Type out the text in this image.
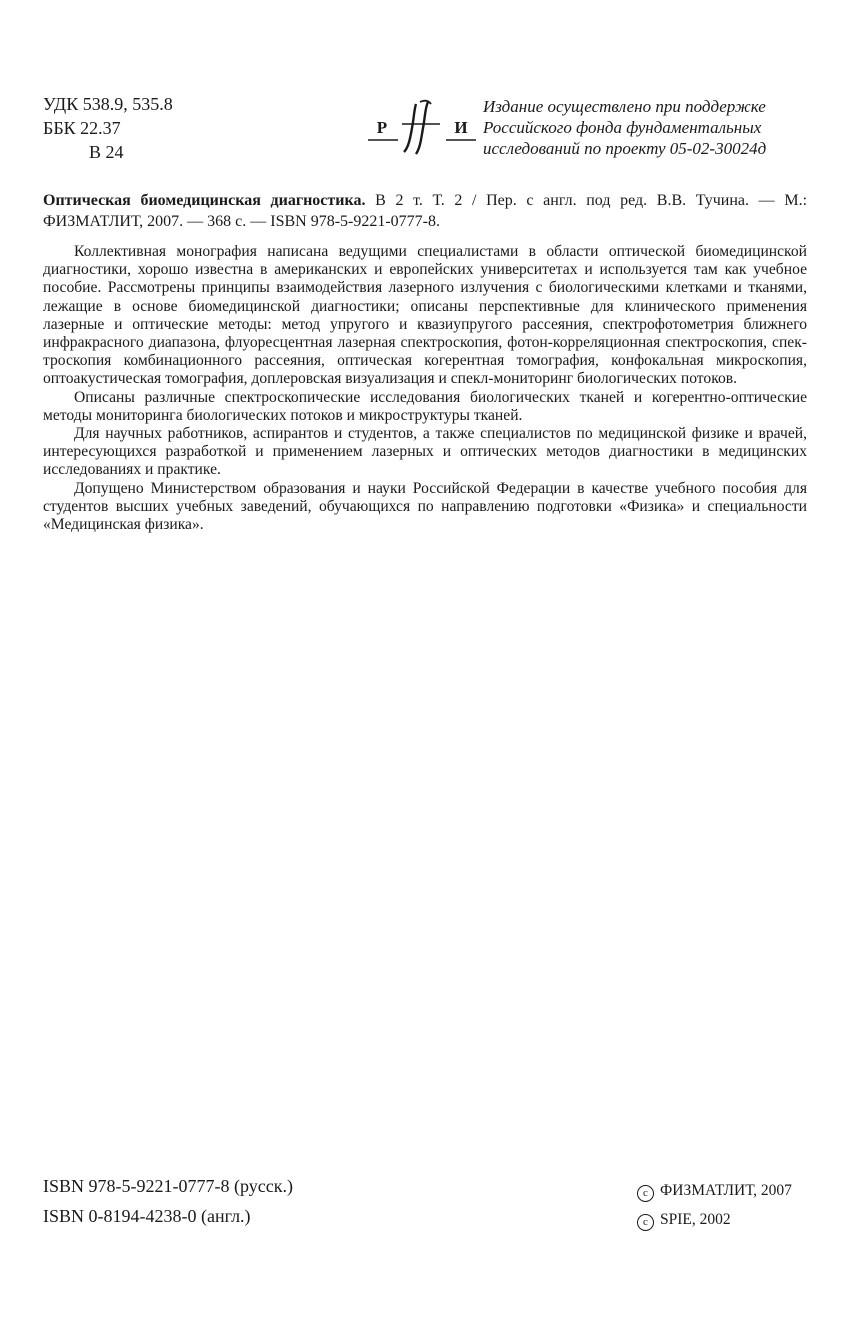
УДК 538.9, 535.8
ББК 22.37
В 24
Р	И
Издание осуществлено при поддержке
Российского фонда фундаментальных
исследований по проекту 05-02-30024д
Оптическая биомедицинская диагностика. В 2 т. Т. 2 / Пер. с англ. под ред. В.В. Тучина. — М.: ФИЗМАТЛИТ, 2007. — 368 с. — ISBN 978-5-9221-0777-8.

Коллективная монография написана ведущими специалистами в области оптической биомедицинской диагностики, хорошо известна в американских и европейских университетах и используется там как учебное пособие. Рассмотрены принципы взаимодействия лазерного излучения с биологическими клетками и тканями, лежащие в основе биомедицинской диагностики; описаны перспективные для клинического применения лазерные и оптические методы: метод упругого и квазиупругого рассеяния, спектрофотометрия ближнего инфракрасного диапазона, флуоресцентная лазерная спектроскопия, фотон-корреляционная спектроскопия, спектроскопия комбинационного рассеяния, оптическая когерентная томография, конфокальная микроскопия, оптоакустическая томография, доплеровская визуализация и спекл-мониторинг биологических потоков.

Описаны различные спектроскопические исследования биологических тканей и когерентно-оптические методы мониторинга биологических потоков и микроструктуры тканей.

Для научных работников, аспирантов и студентов, а также специалистов по медицинской физике и врачей, интересующихся разработкой и применением лазерных и оптических методов диагностики в медицинских исследованиях и практике.

Допущено Министерством образования и науки Российской Федерации в качестве учебного пособия для студентов высших учебных заведений, обучающихся по направлению подготовки «Физика» и специальности «Медицинская физика».

ISBN 978-5-9221-0777-8 (русск.)
ISBN 0-8194-4238-0 (англ.)
c ФИЗМАТЛИТ, 2007
c SPIE, 2002
